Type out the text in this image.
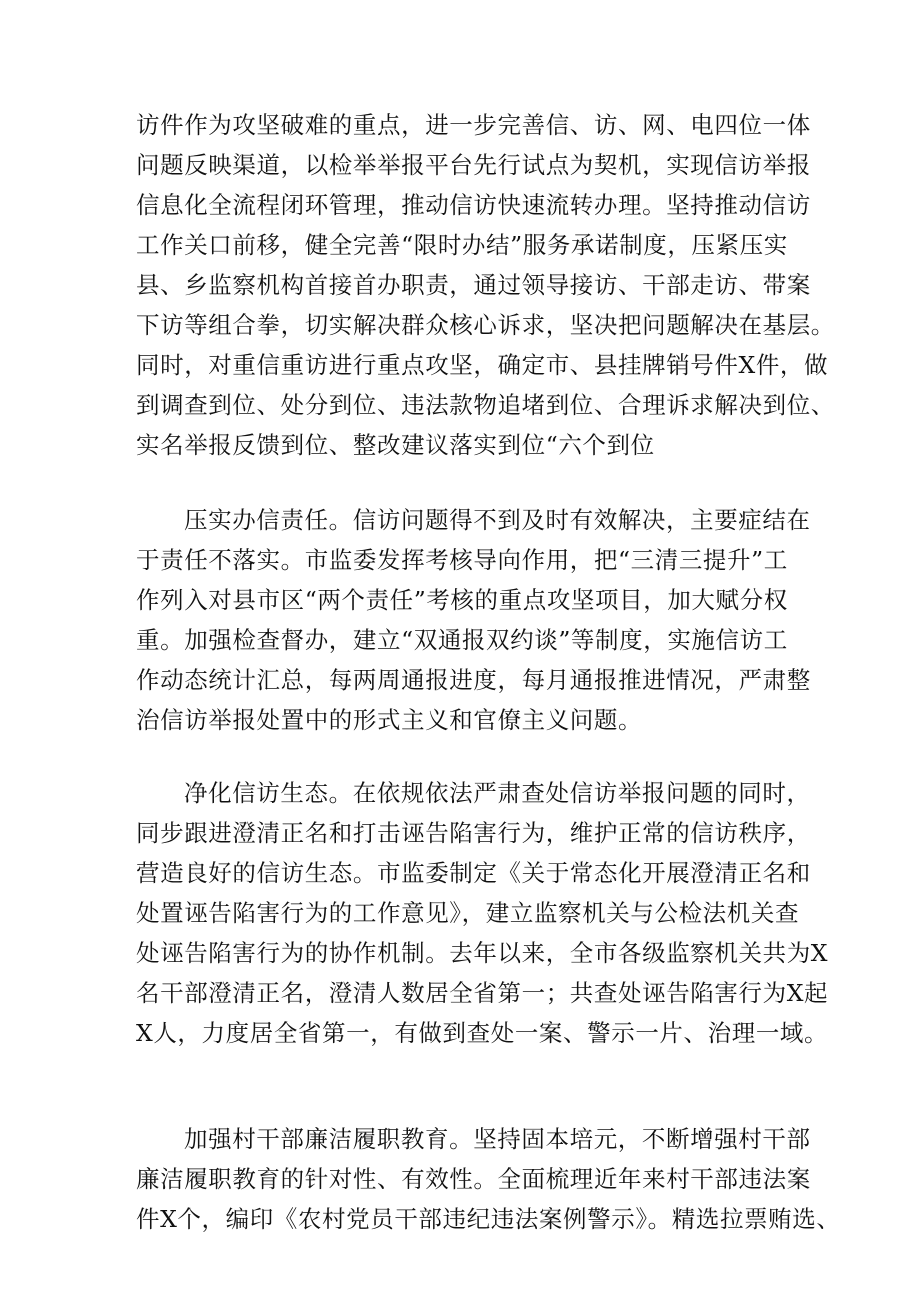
访件作为攻坚破难的重点，进一步完善信、访、网、电四位一体
问题反映渠道，以检举举报平台先行试点为契机，实现信访举报
信息化全流程闭环管理，推动信访快速流转办理。坚持推动信访
工作关口前移，健全完善“限时办结”服务承诺制度，压紧压实
县、乡监察机构首接首办职责，通过领导接访、干部走访、带案
下访等组合拳，切实解决群众核心诉求，坚决把问题解决在基层。
同时，对重信重访进行重点攻坚，确定市、县挂牌销号件X件，做
到调查到位、处分到位、违法款物追堵到位、合理诉求解决到位、
实名举报反馈到位、整改建议落实到位“六个到位
压实办信责任。信访问题得不到及时有效解决，主要症结在
于责任不落实。市监委发挥考核导向作用，把“三清三提升”工
作列入对县市区“两个责任”考核的重点攻坚项目，加大赋分权
重。加强检查督办，建立“双通报双约谈”等制度，实施信访工
作动态统计汇总，每两周通报进度，每月通报推进情况，严肃整
治信访举报处置中的形式主义和官僚主义问题。
净化信访生态。在依规依法严肃查处信访举报问题的同时，
同步跟进澄清正名和打击诬告陷害行为，维护正常的信访秩序，
营造良好的信访生态。市监委制定《关于常态化开展澄清正名和
处置诬告陷害行为的工作意见》，建立监察机关与公检法机关查
处诬告陷害行为的协作机制。去年以来，全市各级监察机关共为X
名干部澄清正名，澄清人数居全省第一；共查处诬告陷害行为X起
X人，力度居全省第一，有做到查处一案、警示一片、治理一域。
加强村干部廉洁履职教育。坚持固本培元，不断增强村干部
廉洁履职教育的针对性、有效性。全面梳理近年来村干部违法案
件X个，编印《农村党员干部违纪违法案例警示》。精选拉票贿选、
